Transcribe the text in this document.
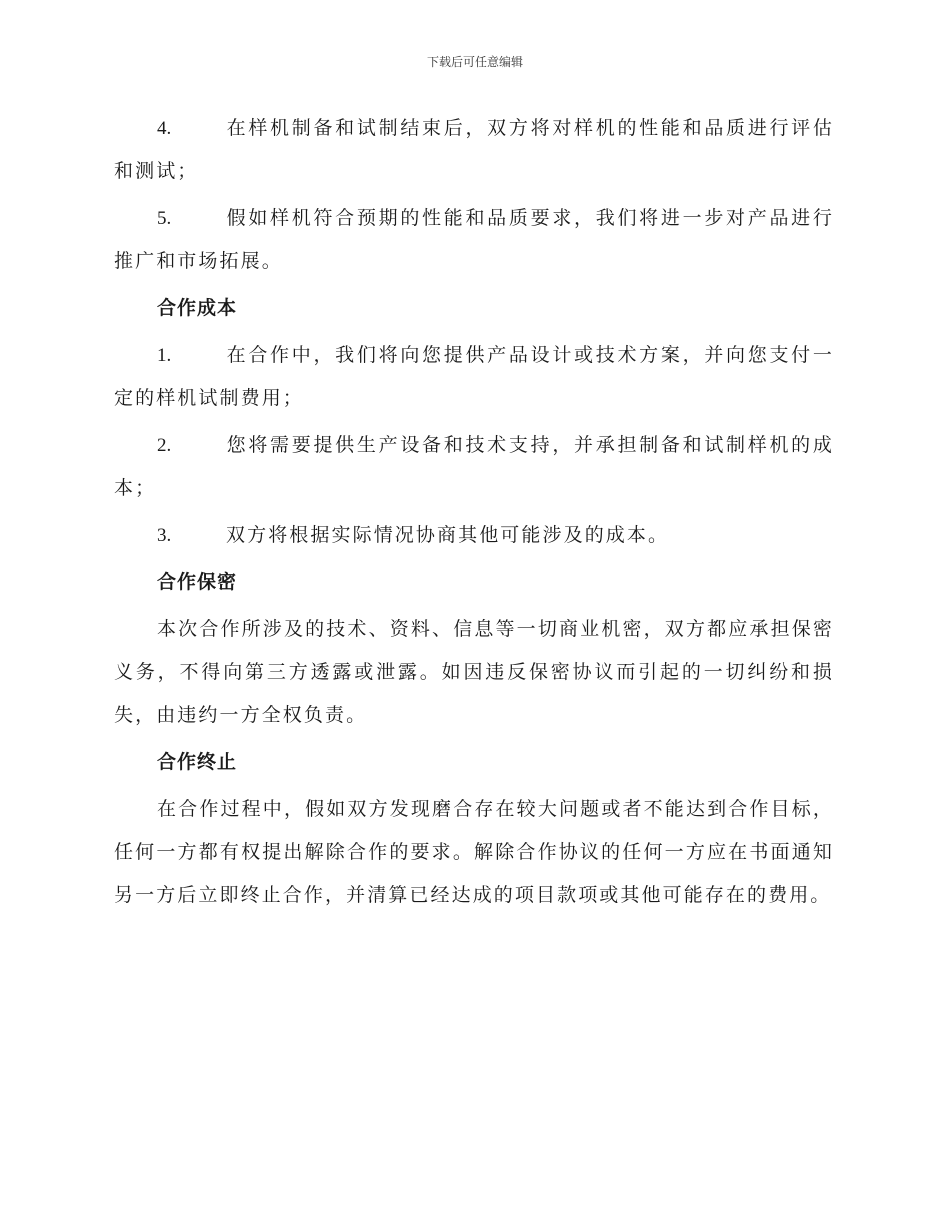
下载后可任意编辑

4.	在样机制备和试制结束后，双方将对样机的性能和品质进行评估和测试；

5.	假如样机符合预期的性能和品质要求，我们将进一步对产品进行推广和市场拓展。

合作成本

1.	在合作中，我们将向您提供产品设计或技术方案，并向您支付一定的样机试制费用；

2.	您将需要提供生产设备和技术支持，并承担制备和试制样机的成本；

3.	双方将根据实际情况协商其他可能涉及的成本。

合作保密

本次合作所涉及的技术、资料、信息等一切商业机密，双方都应承担保密义务，不得向第三方透露或泄露。如因违反保密协议而引起的一切纠纷和损失，由违约一方全权负责。

合作终止

在合作过程中，假如双方发现磨合存在较大问题或者不能达到合作目标，任何一方都有权提出解除合作的要求。解除合作协议的任何一方应在书面通知另一方后立即终止合作，并清算已经达成的项目款项或其他可能存在的费用。
